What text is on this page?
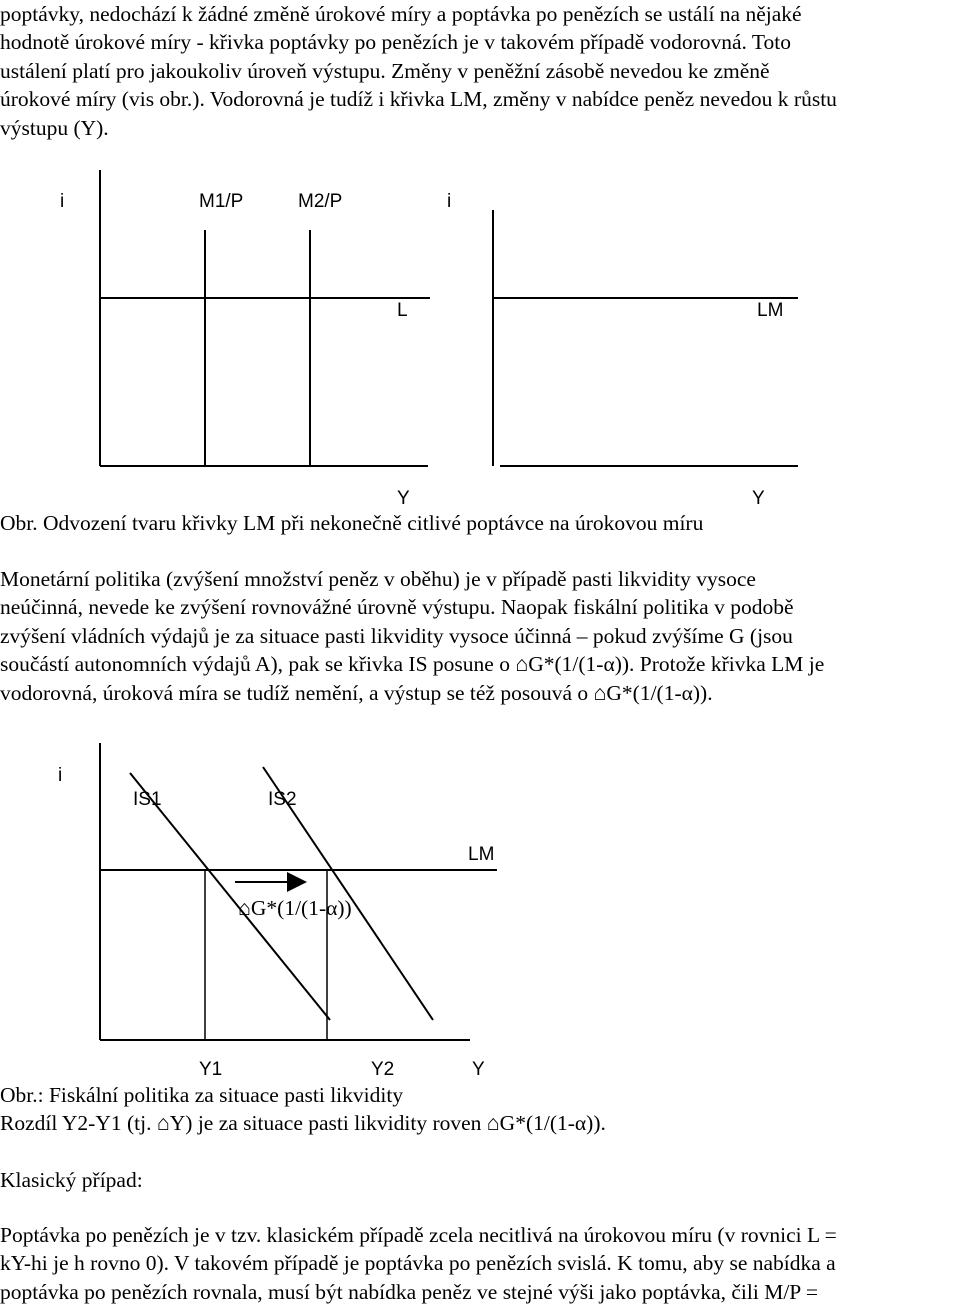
poptávky, nedochází k žádné změně úrokové míry a poptávka po penězích se ustálí na nějaké
hodnotě úrokové míry - křivka poptávky po penězích je v takovém případě vodorovná. Toto
ustálení platí pro jakoukoliv úroveň výstupu. Změny v peněžní zásobě nevedou ke změně
úrokové míry (vis obr.). Vodorovná je tudíž i křivka LM, změny v nabídce peněz nevedou k růstu
výstupu (Y).
i	M1/P	M2/P	i
L	LM
Y	Y
Obr. Odvození tvaru křivky LM při nekonečně citlivé poptávce na úrokovou míru
Monetární politika (zvýšení množství peněz v oběhu) je v případě pasti likvidity vysoce
neúčinná, nevede ke zvýšení rovnovážné úrovně výstupu. Naopak fiskální politika v podobě
zvýšení vládních výdajů je za situace pasti likvidity vysoce účinná – pokud zvýšíme G (jsou
součástí autonomních výdajů A), pak se křivka IS posune o ⌂G*(1/(1-α)). Protože křivka LM je
vodorovná, úroková míra se tudíž nemění, a výstup se též posouvá o ⌂G*(1/(1-α)).
i
IS1	IS2
LM
⌂G*(1/(1-α))
Y1	Y2	Y
Obr.: Fiskální politika za situace pasti likvidity
Rozdíl Y2-Y1 (tj. ⌂Y) je za situace pasti likvidity roven ⌂G*(1/(1-α)).
Klasický případ:
Poptávka po penězích je v tzv. klasickém případě zcela necitlivá na úrokovou míru (v rovnici L =
kY-hi je h rovno 0). V takovém případě je poptávka po penězích svislá. K tomu, aby se nabídka a
poptávka po penězích rovnala, musí být nabídka peněz ve stejné výši jako poptávka, čili M/P =
